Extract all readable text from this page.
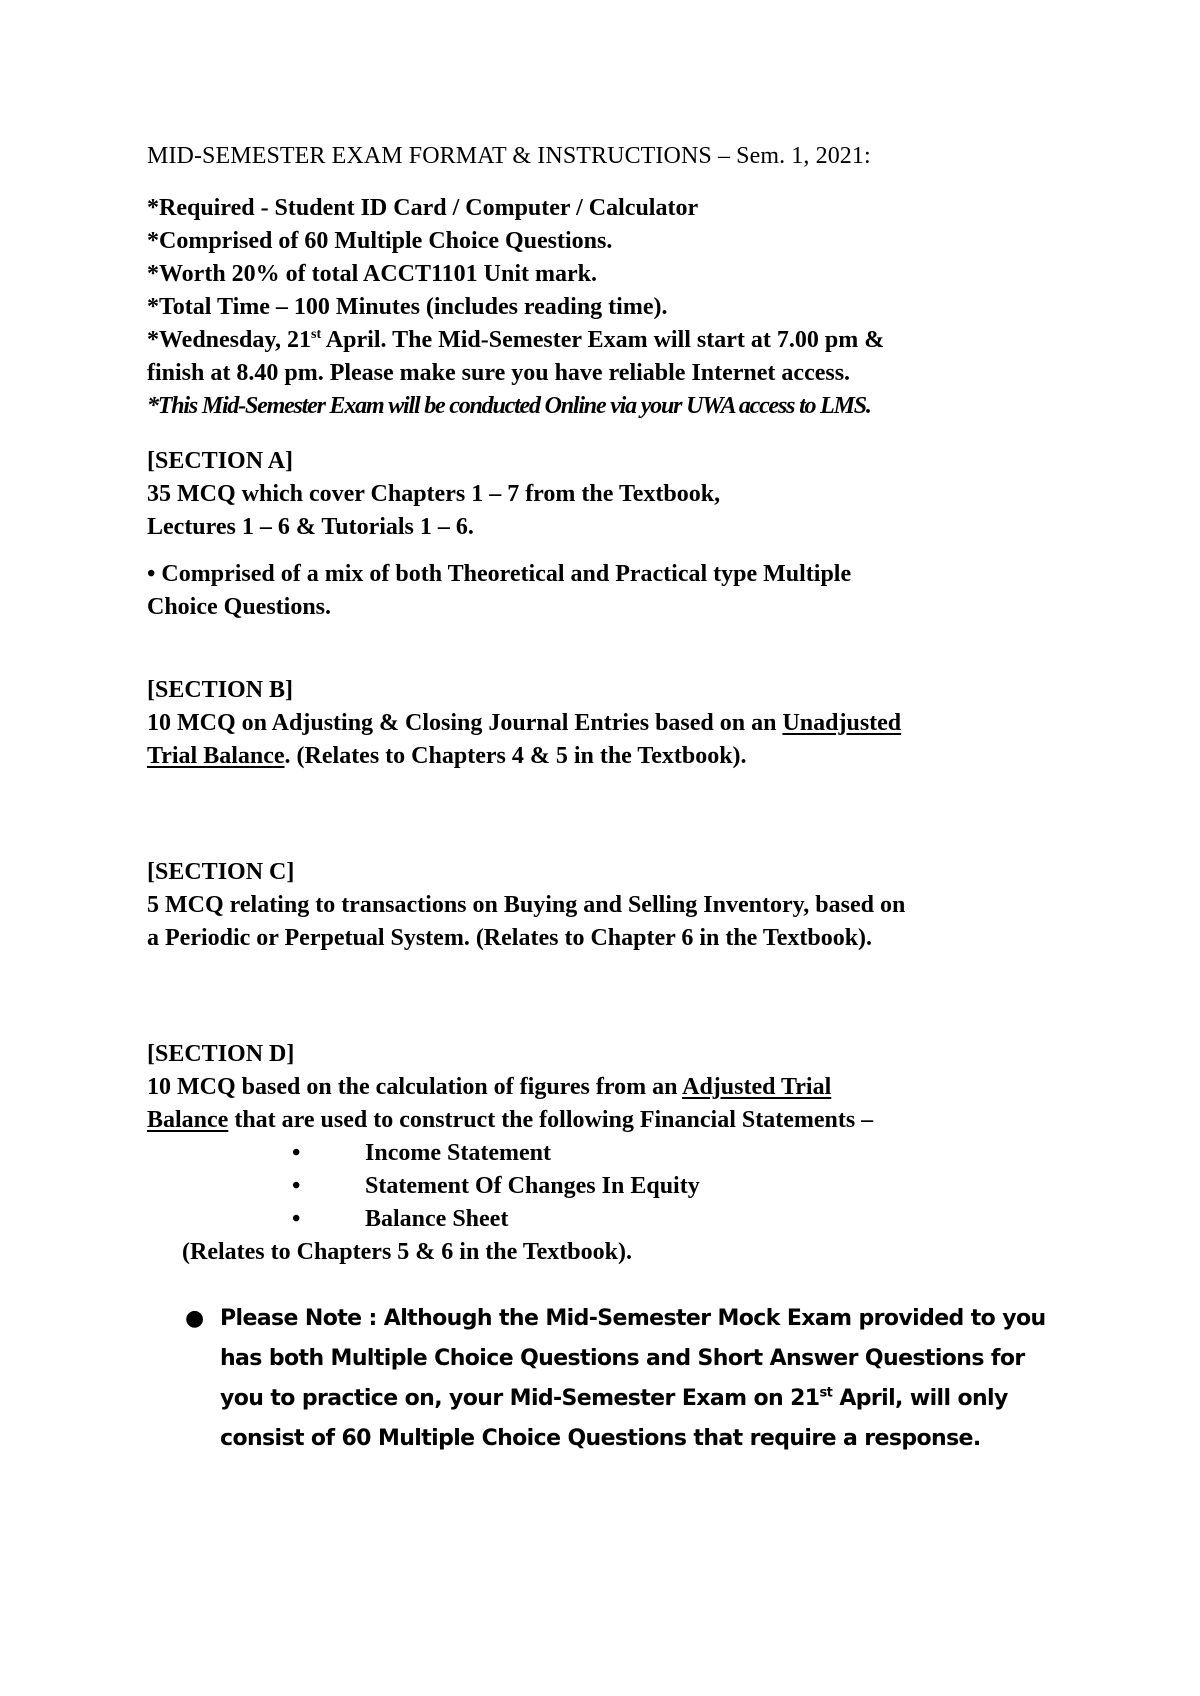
MID-SEMESTER EXAM FORMAT & INSTRUCTIONS – Sem. 1, 2021:

*Required - Student ID Card / Computer / Calculator

*Comprised of 60 Multiple Choice Questions.

*Worth 20% of total ACCT1101 Unit mark.

*Total Time – 100 Minutes (includes reading time).

*Wednesday, 21st April. The Mid-Semester Exam will start at 7.00 pm &

finish at 8.40 pm. Please make sure you have reliable Internet access.

*This Mid-Semester Exam will be conducted Online via your UWA access to LMS.

[SECTION A]

35 MCQ which cover Chapters 1 – 7 from the Textbook,

Lectures 1 – 6 & Tutorials 1 – 6.

• Comprised of a mix of both Theoretical and Practical type Multiple

Choice Questions.

[SECTION B]

10 MCQ on Adjusting & Closing Journal Entries based on an Unadjusted

Trial Balance. (Relates to Chapters 4 & 5 in the Textbook).

[SECTION C]

5 MCQ relating to transactions on Buying and Selling Inventory, based on

a Periodic or Perpetual System. (Relates to Chapter 6 in the Textbook).

[SECTION D]

10 MCQ based on the calculation of figures from an Adjusted Trial

Balance that are used to construct the following Financial Statements –

•	Income Statement
•	Statement Of Changes In Equity
•	Balance Sheet

(Relates to Chapters 5 & 6 in the Textbook).

● Please Note : Although the Mid-Semester Mock Exam provided to you has both Multiple Choice Questions and Short Answer Questions for you to practice on, your Mid-Semester Exam on 21st April, will only consist of 60 Multiple Choice Questions that require a response.
